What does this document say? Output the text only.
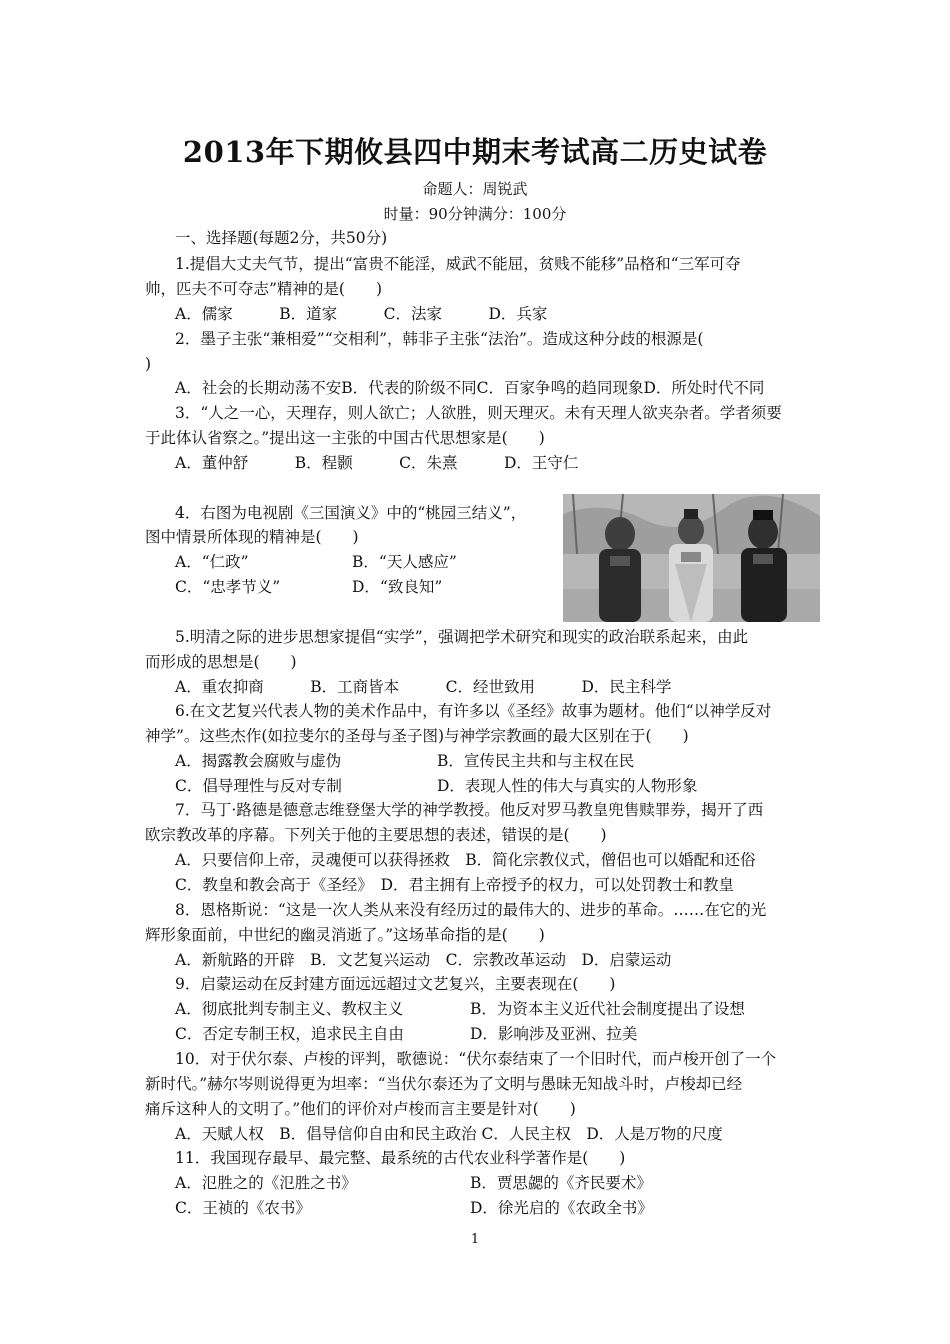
2013年下期攸县四中期末考试高二历史试卷
命题人：周锐武
时量：90分钟满分：100分
一、选择题(每题2分，共50分)
1.提倡大丈夫气节，提出“富贵不能淫，威武不能屈，贫贱不能移”品格和“三军可夺
帅，匹夫不可夺志”精神的是(　　)
A．儒家　　　B．道家　　　C．法家　　　D．兵家
2．墨子主张“兼相爱”“交相利”，韩非子主张“法治”。造成这种分歧的根源是(
)
A．社会的长期动荡不安B．代表的阶级不同C．百家争鸣的趋同现象D．所处时代不同
3．“人之一心，天理存，则人欲亡；人欲胜，则天理灭。未有天理人欲夹杂者。学者须要
于此体认省察之。”提出这一主张的中国古代思想家是(　　)
A．董仲舒　　　B．程颢　　　C．朱熹　　　D．王守仁
4．右图为电视剧《三国演义》中的“桃园三结义”，
图中情景所体现的精神是(　　)
A．“仁政”	B．“天人感应”
C．“忠孝节义”	D．“致良知”
5.明清之际的进步思想家提倡“实学”，强调把学术研究和现实的政治联系起来，由此
而形成的思想是(　　)
A．重农抑商　　　B．工商皆本　　　C．经世致用　　　D．民主科学
6.在文艺复兴代表人物的美术作品中，有许多以《圣经》故事为题材。他们“以神学反对
神学”。这些杰作(如拉斐尔的圣母与圣子图)与神学宗教画的最大区别在于(　　)
A．揭露教会腐败与虚伪	B．宣传民主共和与主权在民
C．倡导理性与反对专制	D．表现人性的伟大与真实的人物形象
7．马丁·路德是德意志维登堡大学的神学教授。他反对罗马教皇兜售赎罪券，揭开了西
欧宗教改革的序幕。下列关于他的主要思想的表述，错误的是(　　)
A．只要信仰上帝，灵魂便可以获得拯救　B．简化宗教仪式，僧侣也可以婚配和还俗
C．教皇和教会高于《圣经》　D．君主拥有上帝授予的权力，可以处罚教士和教皇
8．恩格斯说：“这是一次人类从来没有经历过的最伟大的、进步的革命。……在它的光
辉形象面前，中世纪的幽灵消逝了。”这场革命指的是(　　)
A．新航路的开辟　B．文艺复兴运动　C．宗教改革运动　D．启蒙运动
9．启蒙运动在反封建方面远远超过文艺复兴，主要表现在(　　)
A．彻底批判专制主义、教权主义	B．为资本主义近代社会制度提出了设想
C．否定专制王权，追求民主自由	D．影响涉及亚洲、拉美
10．对于伏尔泰、卢梭的评判，歌德说：“伏尔泰结束了一个旧时代，而卢梭开创了一个
新时代。”赫尔岑则说得更为坦率：“当伏尔泰还为了文明与愚昧无知战斗时，卢梭却已经
痛斥这种人的文明了。”他们的评价对卢梭而言主要是针对(　　)
A．天赋人权　B．倡导信仰自由和民主政治 C．人民主权　D．人是万物的尺度
11．我国现存最早、最完整、最系统的古代农业科学著作是(　　)
A．氾胜之的《氾胜之书》	B．贾思勰的《齐民要术》
C．王祯的《农书》	D．徐光启的《农政全书》
1
